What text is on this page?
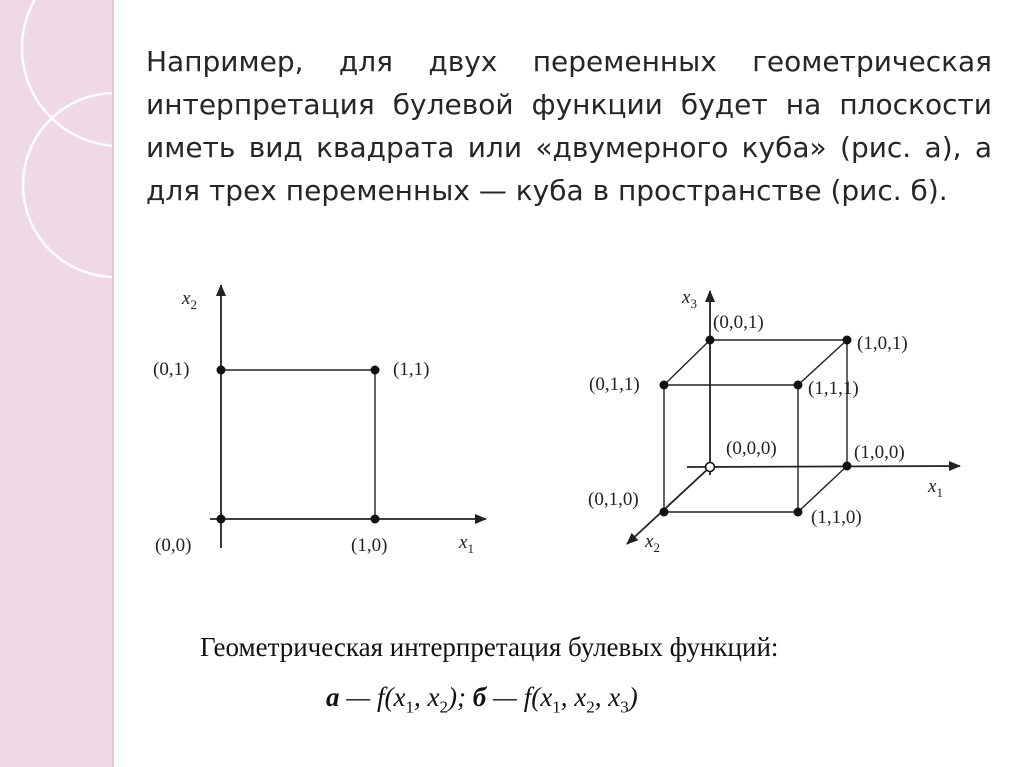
Например, для двух переменных геометрическая интерпретация булевой функции будет на плоскости иметь вид квадрата или «двумерного куба» (рис. а), а для трех переменных — куба в пространстве (рис. б).

(0,0)	(1,0)
(0,1)	(1,1)
$x_1$
$x_2$
(0,0,0)	(1,0,0)
(0,1,0)
(1,1,0)
(0,0,1)
(1,0,1)
(0,1,1)	(1,1,1)
$x_1$
$x_3$
$x_2$
Геометрическая интерпретация булевых функций:
а — $f(x_1$, $x_2$); б — $f(x_1$, $x_2$, $x_3$)
